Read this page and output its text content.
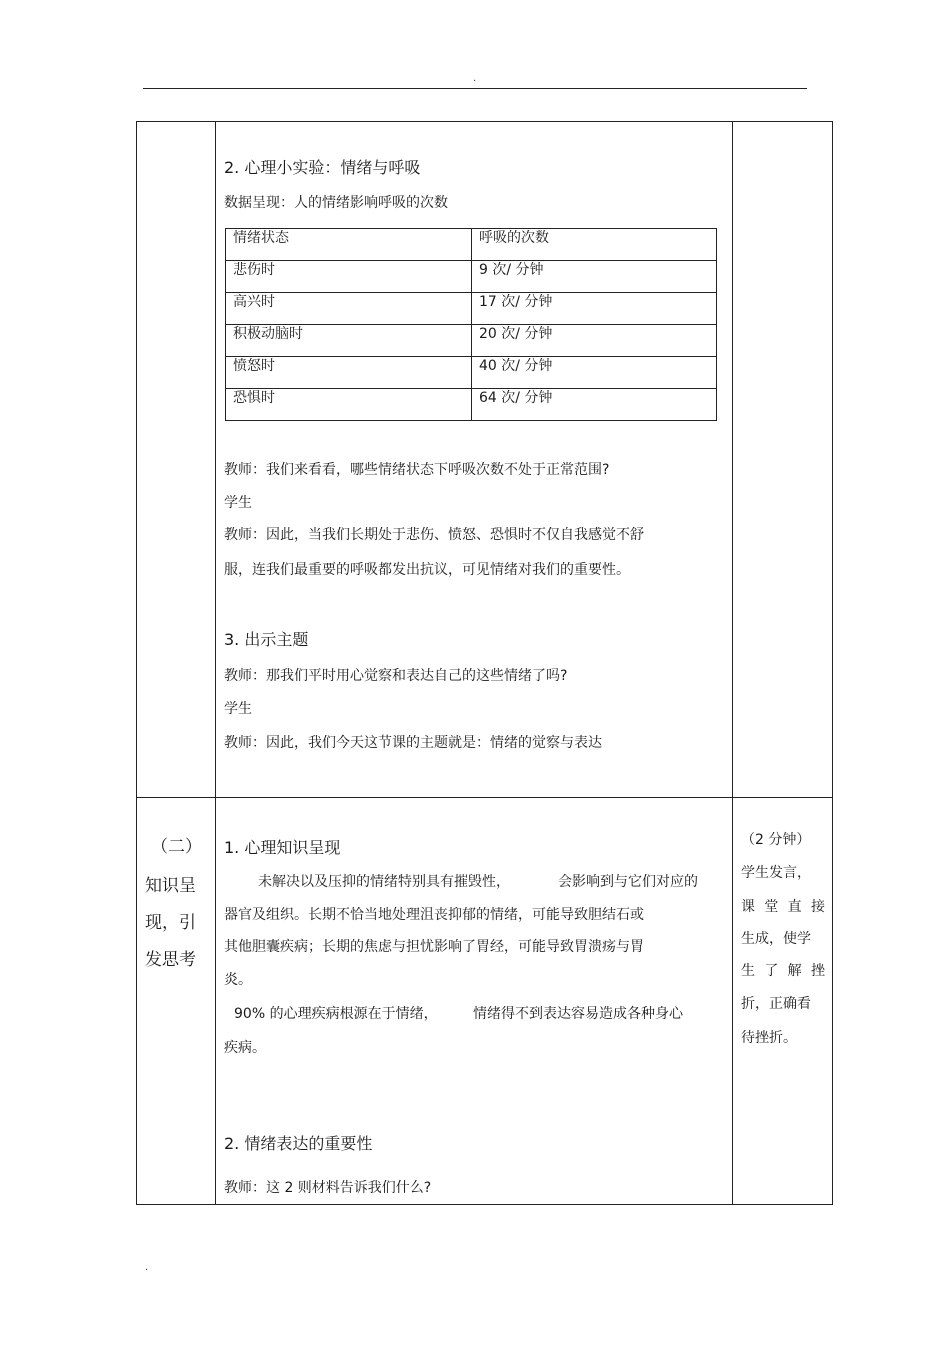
.
2. 心理小实验：情绪与呼吸
数据呈现：人的情绪影响呼吸的次数
情绪状态	呼吸的次数
悲伤时	9 次/ 分钟
高兴时	17 次/ 分钟
积极动脑时	20 次/ 分钟
愤怒时	40 次/ 分钟
恐惧时	64 次/ 分钟
教师：我们来看看，哪些情绪状态下呼吸次数不处于正常范围?
学生
教师：因此，当我们长期处于悲伤、愤怒、恐惧时不仅自我感觉不舒
服，连我们最重要的呼吸都发出抗议，可见情绪对我们的重要性。
3. 出示主题
教师：那我们平时用心觉察和表达自己的这些情绪了吗?
学生
教师：因此，我们今天这节课的主题就是：情绪的觉察与表达
（二）
知识呈
现，引
发思考
1. 心理知识呈现
未解决以及压抑的情绪特别具有摧毁性，	会影响到与它们对应的
器官及组织。长期不恰当地处理沮丧抑郁的情绪，可能导致胆结石或
其他胆囊疾病；长期的焦虑与担忧影响了胃经，可能导致胃溃疡与胃
炎。
90% 的心理疾病根源在于情绪，	情绪得不到表达容易造成各种身心
疾病。
2. 情绪表达的重要性
教师：这 2 则材料告诉我们什么?
（2 分钟）
学生发言，
课堂直接
生成，使学
生了解挫
折，正确看
待挫折。
.
